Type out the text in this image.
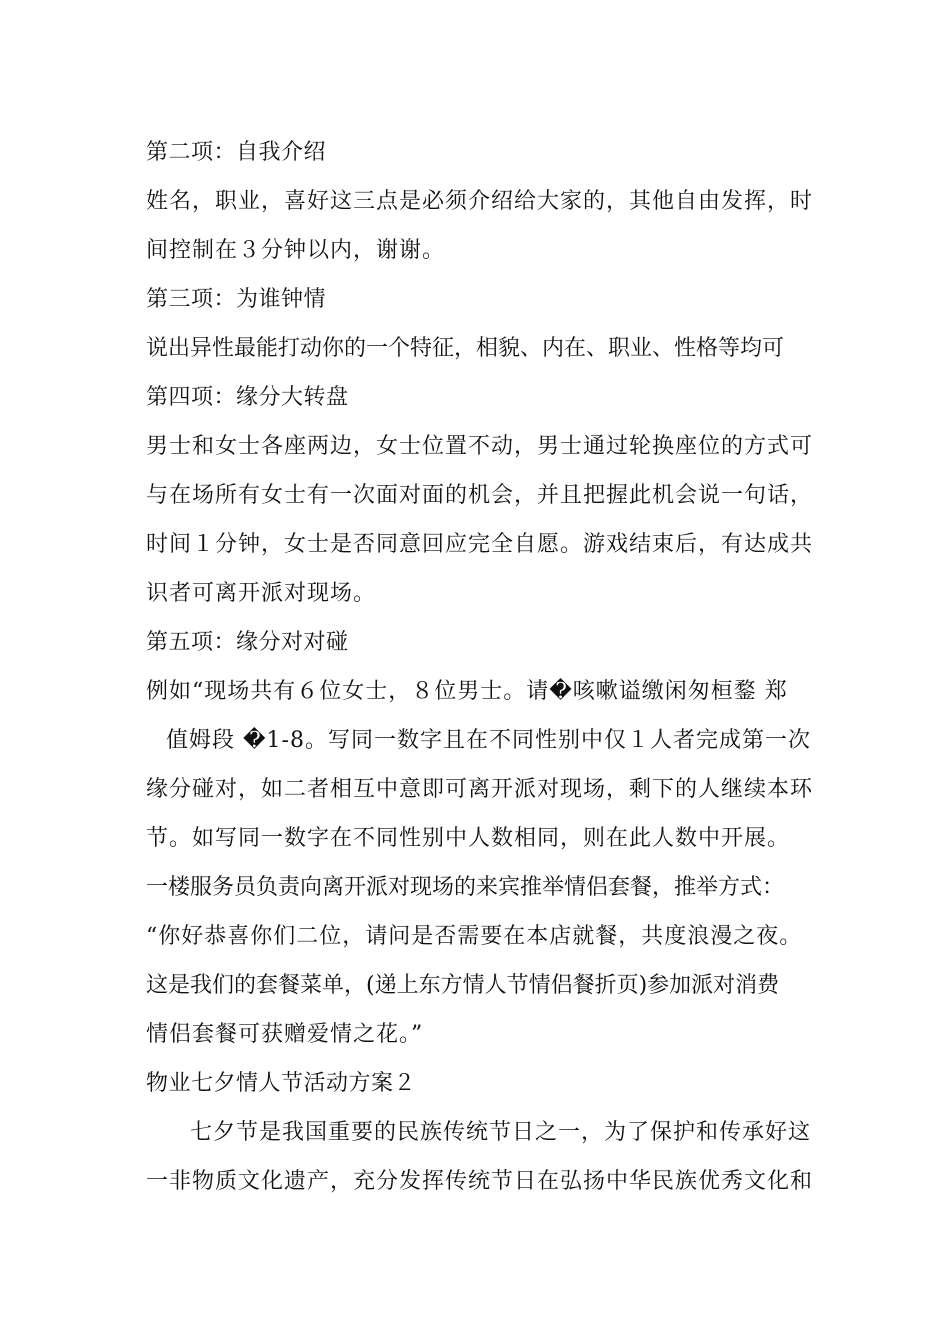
第二项：自我介绍
姓名，职业，喜好这三点是必须介绍给大家的，其他自由发挥，时
间控制在３分钟以内，谢谢。
第三项：为谁钟情
说出异性最能打动你的一个特征，相貌、内在、职业、性格等均可
第四项：缘分大转盘
男士和女士各座两边，女士位置不动，男士通过轮换座位的方式可
与在场所有女士有一次面对面的机会，并且把握此机会说一句话，
时间１分钟，女士是否同意回应完全自愿。游戏结束后，有达成共
识者可离开派对现场。
第五项：缘分对对碰
例如“现场共有６位女士，８位男士。请�咳嗽谥缴闲匆桓鍪 郑
值姆段 �1-8。写同一数字且在不同性别中仅１人者完成第一次
缘分碰对，如二者相互中意即可离开派对现场，剩下的人继续本环
节。如写同一数字在不同性别中人数相同，则在此人数中开展。
一楼服务员负责向离开派对现场的来宾推举情侣套餐，推举方式：
“你好恭喜你们二位，请问是否需要在本店就餐，共度浪漫之夜。
这是我们的套餐菜单，(递上东方情人节情侣餐折页)参加派对消费
情侣套餐可获赠爱情之花。”
物业七夕情人节活动方案２
七夕节是我国重要的民族传统节日之一，为了保护和传承好这
一非物质文化遗产，充分发挥传统节日在弘扬中华民族优秀文化和
